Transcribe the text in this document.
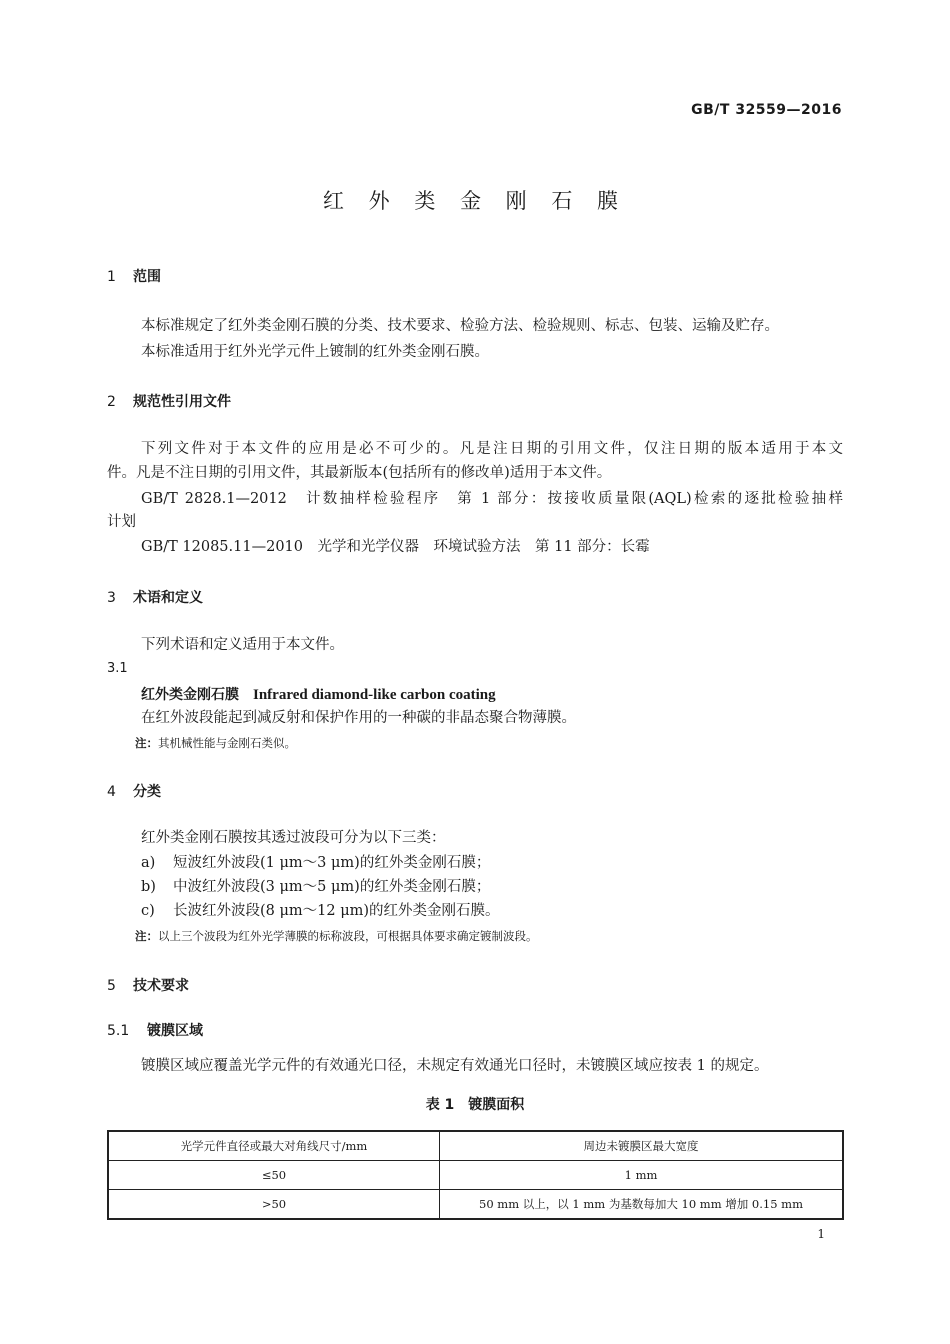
GB/T 32559—2016
红 外 类 金 刚 石 膜
1 范围
本标准规定了红外类金刚石膜的分类、技术要求、检验方法、检验规则、标志、包装、运输及贮存。
本标准适用于红外光学元件上镀制的红外类金刚石膜。
2 规范性引用文件
下列文件对于本文件的应用是必不可少的。凡是注日期的引用文件，仅注日期的版本适用于本文
件。凡是不注日期的引用文件，其最新版本(包括所有的修改单)适用于本文件。
GB/T 2828.1—2012　计数抽样检验程序　第 1 部分：按接收质量限(AQL)检索的逐批检验抽样
计划
GB/T 12085.11—2010　光学和光学仪器　环境试验方法　第 11 部分：长霉
3 术语和定义
下列术语和定义适用于本文件。
3.1
红外类金刚石膜 Infrared diamond-like carbon coating
在红外波段能起到减反射和保护作用的一种碳的非晶态聚合物薄膜。
注：其机械性能与金刚石类似。
4 分类
红外类金刚石膜按其透过波段可分为以下三类：
a) 短波红外波段(1 μm～3 μm)的红外类金刚石膜；
b) 中波红外波段(3 μm～5 μm)的红外类金刚石膜；
c) 长波红外波段(8 μm～12 μm)的红外类金刚石膜。
注：以上三个波段为红外光学薄膜的标称波段，可根据具体要求确定镀制波段。
5 技术要求
5.1 镀膜区域
镀膜区域应覆盖光学元件的有效通光口径，未规定有效通光口径时，未镀膜区域应按表 1 的规定。
表 1　镀膜面积
光学元件直径或最大对角线尺寸/mm	周边未镀膜区最大宽度
≤50	1 mm
>50	50 mm 以上，以 1 mm 为基数每加大 10 mm 增加 0.15 mm
1
